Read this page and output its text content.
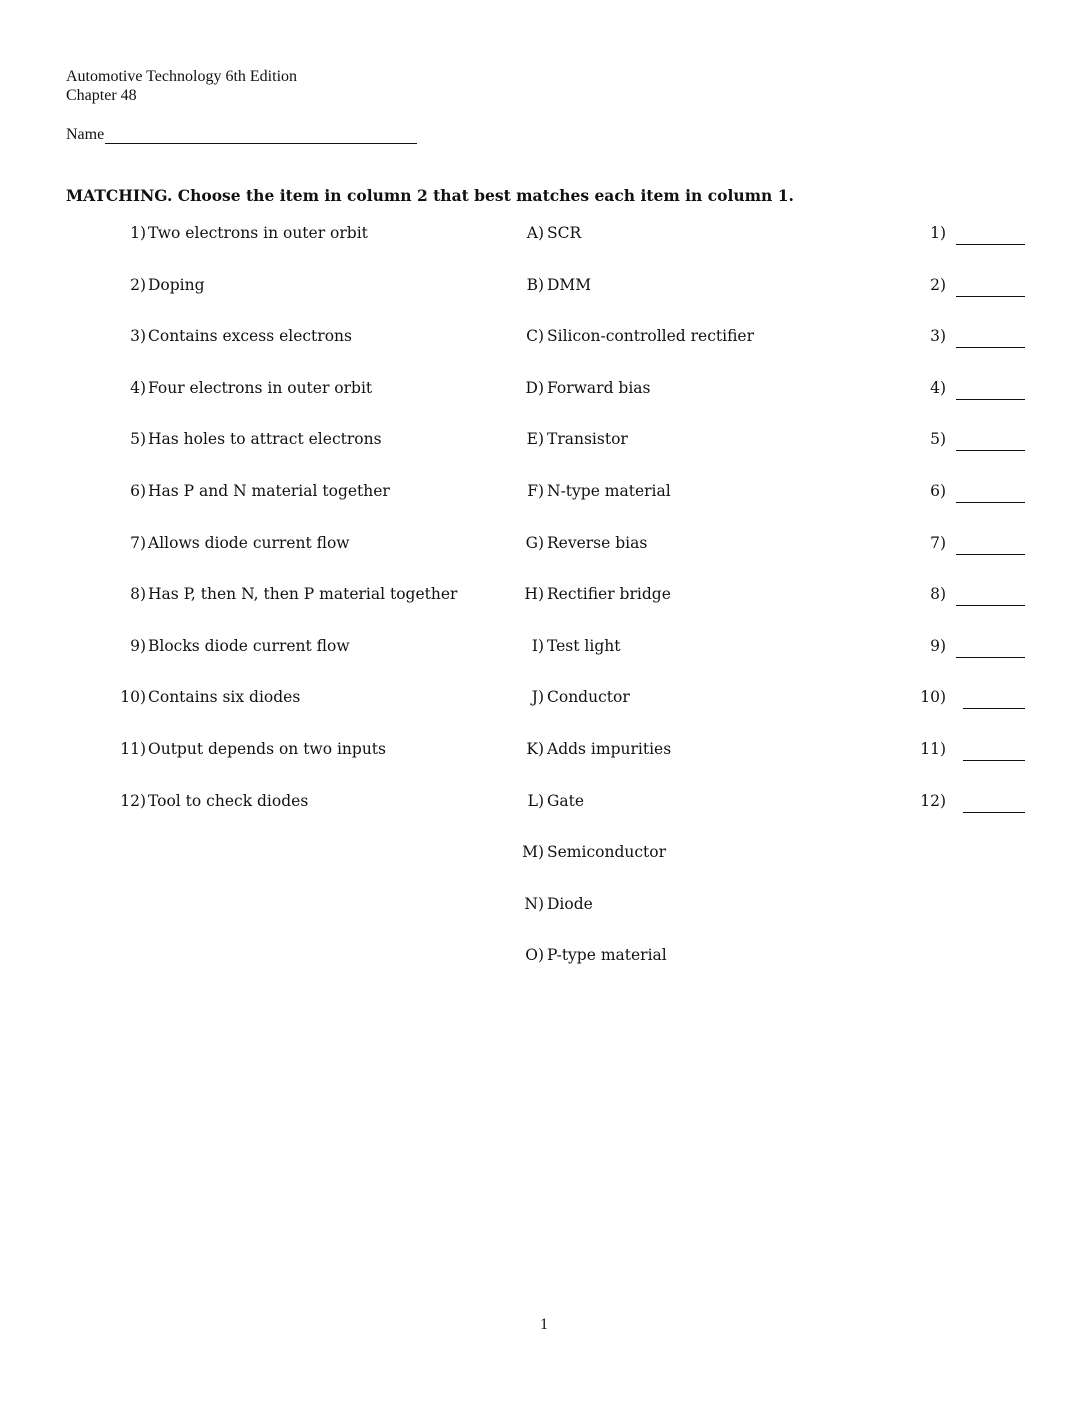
Automotive Technology 6th Edition
Chapter 48
Name
MATCHING. Choose the item in column 2 that best matches each item in column 1.
1) Two electrons in outer orbit
2) Doping
3) Contains excess electrons
4) Four electrons in outer orbit
5) Has holes to attract electrons
6) Has P and N material together
7) Allows diode current flow
8) Has P, then N, then P material together
9) Blocks diode current flow
10) Contains six diodes
11) Output depends on two inputs
12) Tool to check diodes
A) SCR
B) DMM
C) Silicon-controlled rectifier
D) Forward bias
E) Transistor
F) N-type material
G) Reverse bias
H) Rectifier bridge
I) Test light
J) Conductor
K) Adds impurities
L) Gate
M) Semiconductor
N) Diode
O) P-type material
1)
2)
3)
4)
5)
6)
7)
8)
9)
10)
11)
12)
1
